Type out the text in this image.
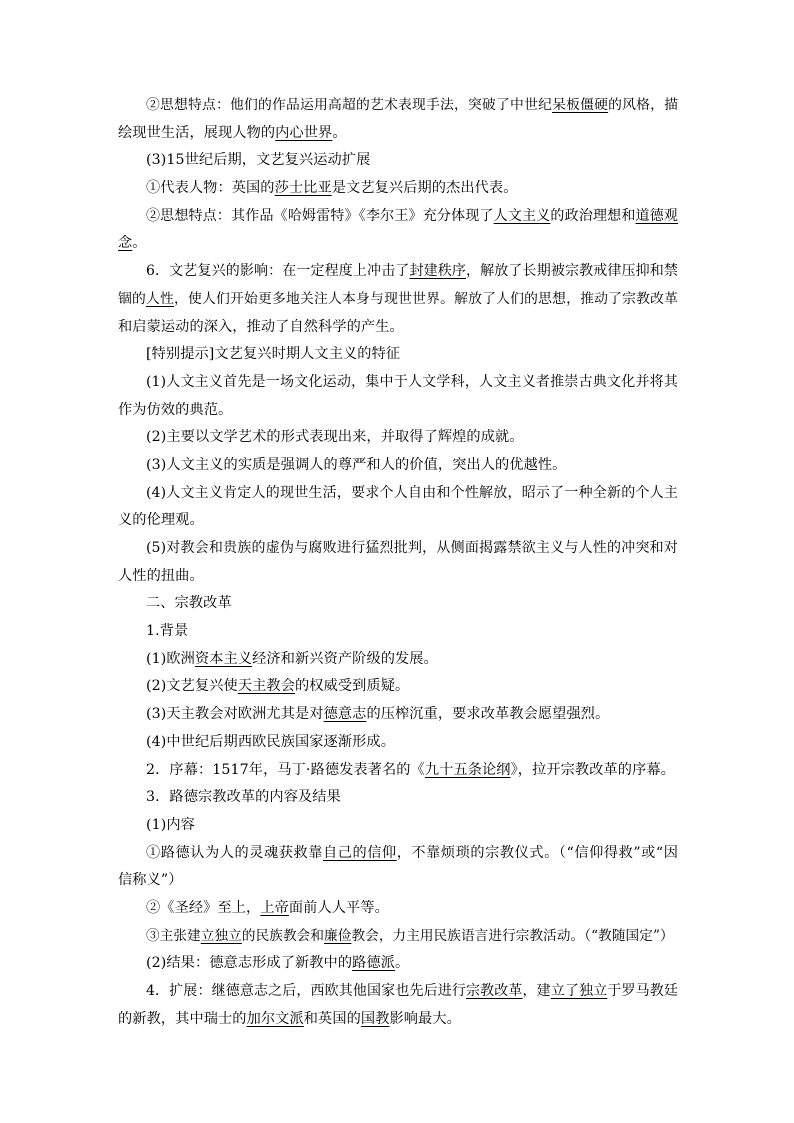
②思想特点：他们的作品运用高超的艺术表现手法，突破了中世纪呆板僵硬的风格，描
绘现世生活，展现人物的内心世界。
(3)15世纪后期，文艺复兴运动扩展
①代表人物：英国的莎士比亚是文艺复兴后期的杰出代表。
②思想特点：其作品《哈姆雷特》《李尔王》充分体现了人文主义的政治理想和道德观
念。
6．文艺复兴的影响：在一定程度上冲击了封建秩序，解放了长期被宗教戒律压抑和禁
锢的人性，使人们开始更多地关注人本身与现世世界。解放了人们的思想，推动了宗教改革
和启蒙运动的深入，推动了自然科学的产生。
[特别提示]文艺复兴时期人文主义的特征
(1)人文主义首先是一场文化运动，集中于人文学科，人文主义者推崇古典文化并将其
作为仿效的典范。
(2)主要以文学艺术的形式表现出来，并取得了辉煌的成就。
(3)人文主义的实质是强调人的尊严和人的价值，突出人的优越性。
(4)人文主义肯定人的现世生活，要求个人自由和个性解放，昭示了一种全新的个人主
义的伦理观。
(5)对教会和贵族的虚伪与腐败进行猛烈批判，从侧面揭露禁欲主义与人性的冲突和对
人性的扭曲。
二、宗教改革
1.背景
(1)欧洲资本主义经济和新兴资产阶级的发展。
(2)文艺复兴使天主教会的权威受到质疑。
(3)天主教会对欧洲尤其是对德意志的压榨沉重，要求改革教会愿望强烈。
(4)中世纪后期西欧民族国家逐渐形成。
2．序幕：1517年，马丁·路德发表著名的《九十五条论纲》，拉开宗教改革的序幕。
3．路德宗教改革的内容及结果
(1)内容
①路德认为人的灵魂获救靠自己的信仰，不靠烦琐的宗教仪式。（“信仰得救”或“因
信称义”）
②《圣经》至上，上帝面前人人平等。
③主张建立独立的民族教会和廉俭教会，力主用民族语言进行宗教活动。（“教随国定”）
(2)结果：德意志形成了新教中的路德派。
4．扩展：继德意志之后，西欧其他国家也先后进行宗教改革，建立了独立于罗马教廷
的新教，其中瑞士的加尔文派和英国的国教影响最大。
